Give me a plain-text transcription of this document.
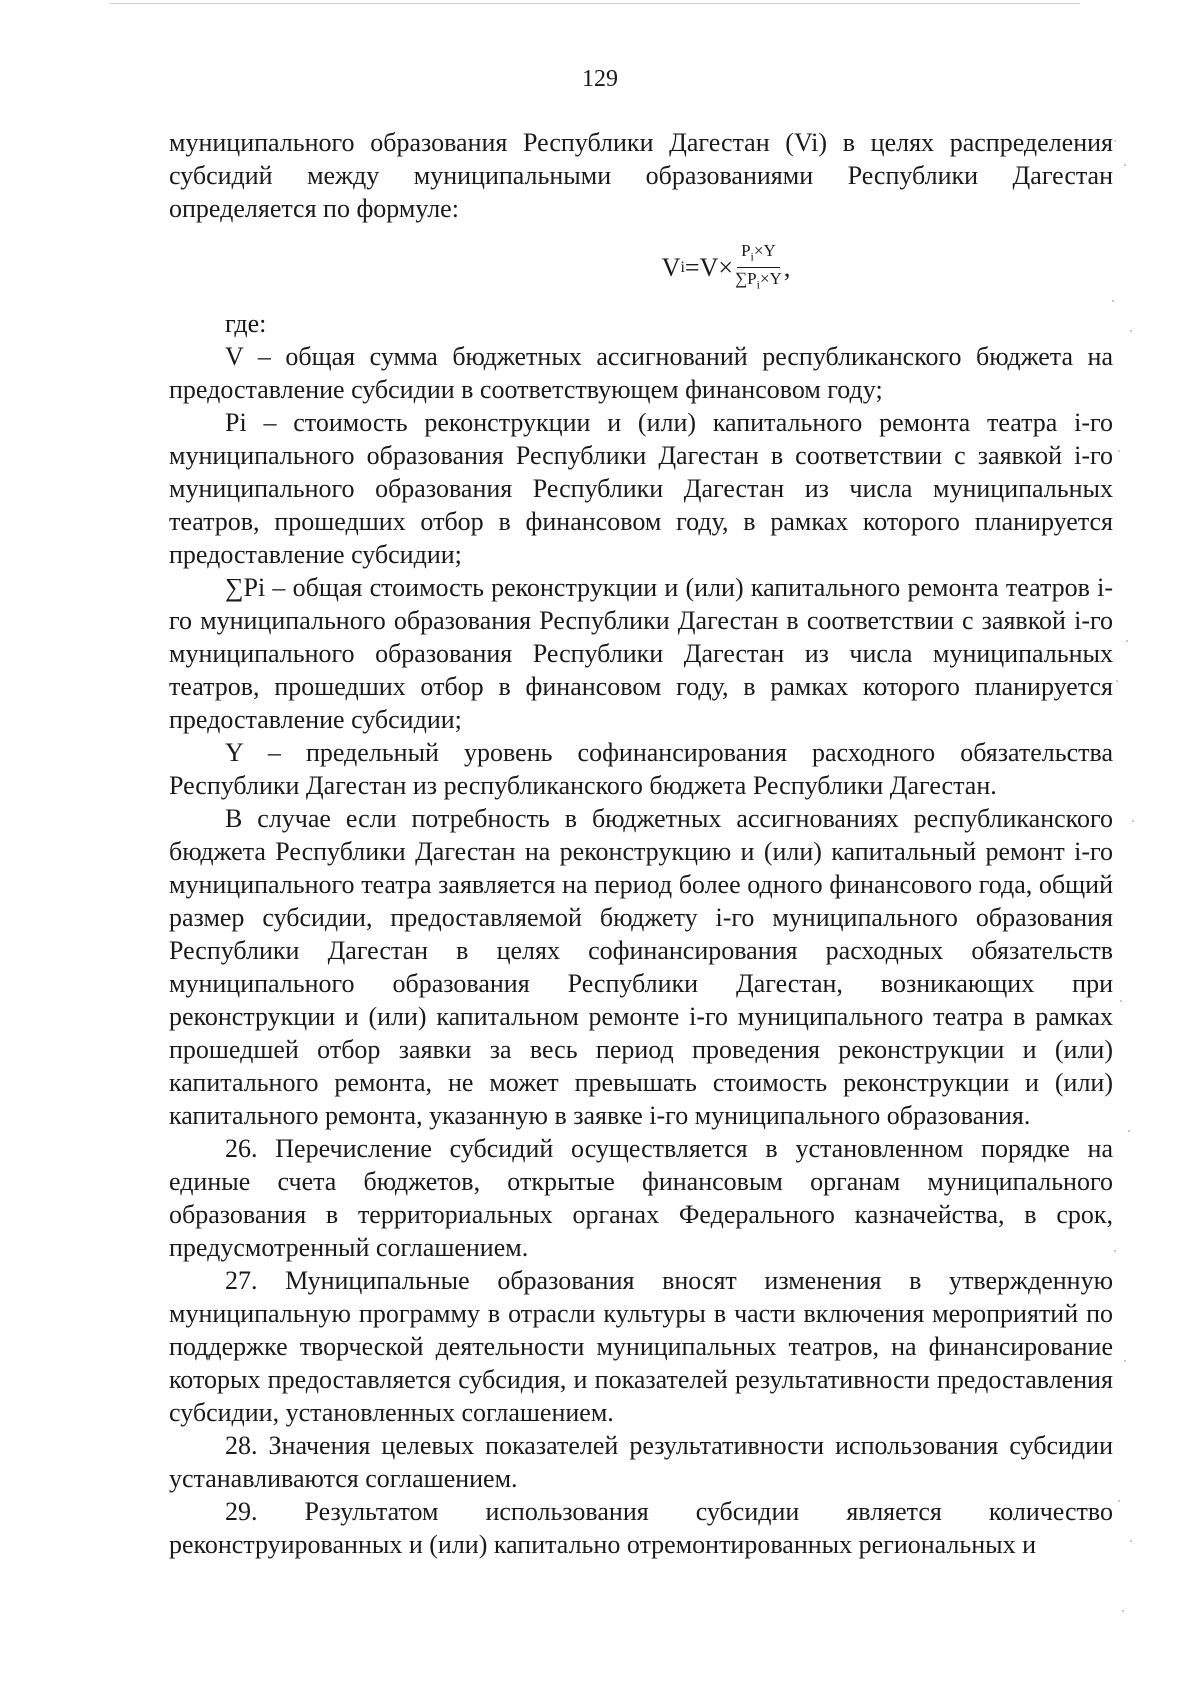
129

муниципального образования Республики Дагестан (Vi) в целях распределения субсидий между муниципальными образованиями Республики Дагестан определяется по формуле:

V $i =V\times \frac{P_i\times Y}{\sum P_i\times Y}$ ,

где:

V – общая сумма бюджетных ассигнований республиканского бюджета на предоставление субсидии в соответствующем финансовом году;

Pi – стоимость реконструкции и (или) капитального ремонта театра i-го муниципального образования Республики Дагестан в соответствии с заявкой i-го муниципального образования Республики Дагестан из числа муниципальных театров, прошедших отбор в финансовом году, в рамках которого планируется предоставление субсидии;

∑Pi – общая стоимость реконструкции и (или) капитального ремонта театров i-го муниципального образования Республики Дагестан в соответствии с заявкой i-го муниципального образования Республики Дагестан из числа муниципальных театров, прошедших отбор в финансовом году, в рамках которого планируется предоставление субсидии;

Y – предельный уровень софинансирования расходного обязательства Республики Дагестан из республиканского бюджета Республики Дагестан.

В случае если потребность в бюджетных ассигнованиях республиканского бюджета Республики Дагестан на реконструкцию и (или) капитальный ремонт i-го муниципального театра заявляется на период более одного финансового года, общий размер субсидии, предоставляемой бюджету i-го муниципального образования Республики Дагестан в целях софинансирования расходных обязательств муниципального образования Республики Дагестан, возникающих при реконструкции и (или) капитальном ремонте i-го муниципального театра в рамках прошедшей отбор заявки за весь период проведения реконструкции и (или) капитального ремонта, не может превышать стоимость реконструкции и (или) капитального ремонта, указанную в заявке i-го муниципального образования.

26. Перечисление субсидий осуществляется в установленном порядке на единые счета бюджетов, открытые финансовым органам муниципального образования в территориальных органах Федерального казначейства, в срок, предусмотренный соглашением.

27. Муниципальные образования вносят изменения в утвержденную муниципальную программу в отрасли культуры в части включения мероприятий по поддержке творческой деятельности муниципальных театров, на финансирование которых предоставляется субсидия, и показателей результативности предоставления субсидии, установленных соглашением.

28. Значения целевых показателей результативности использования субсидии устанавливаются соглашением.

29. Результатом использования субсидии является количество реконструированных и (или) капитально отремонтированных региональных и
